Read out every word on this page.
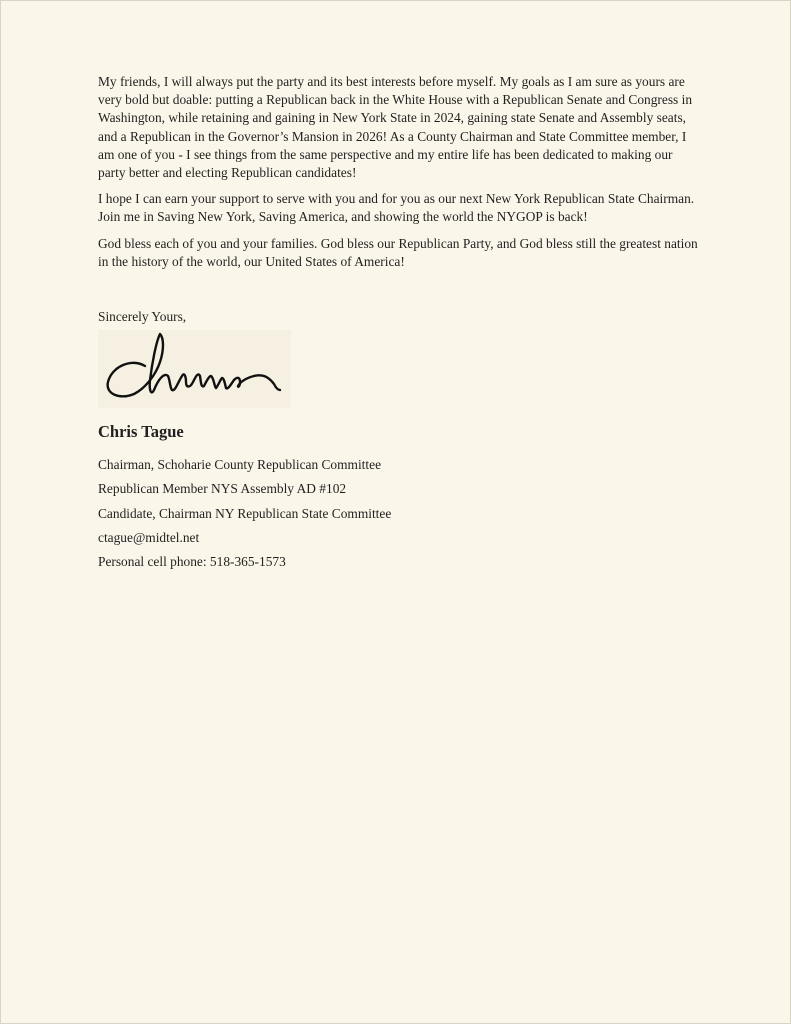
My friends, I will always put the party and its best interests before myself. My goals as I am sure as yours are very bold but doable: putting a Republican back in the White House with a Republican Senate and Congress in Washington, while retaining and gaining in New York State in 2024, gaining state Senate and Assembly seats, and a Republican in the Governor’s Mansion in 2026! As a County Chairman and State Committee member, I am one of you - I see things from the same perspective and my entire life has been dedicated to making our party better and electing Republican candidates!

I hope I can earn your support to serve with you and for you as our next New York Republican State Chairman. Join me in Saving New York, Saving America, and showing the world the NYGOP is back!

God bless each of you and your families. God bless our Republican Party, and God bless still the greatest nation in the history of the world, our United States of America!

Sincerely Yours,
Chris Tague
Chairman, Schoharie County Republican Committee
Republican Member NYS Assembly AD #102
Candidate, Chairman NY Republican State Committee
ctague@midtel.net
Personal cell phone: 518-365-1573
